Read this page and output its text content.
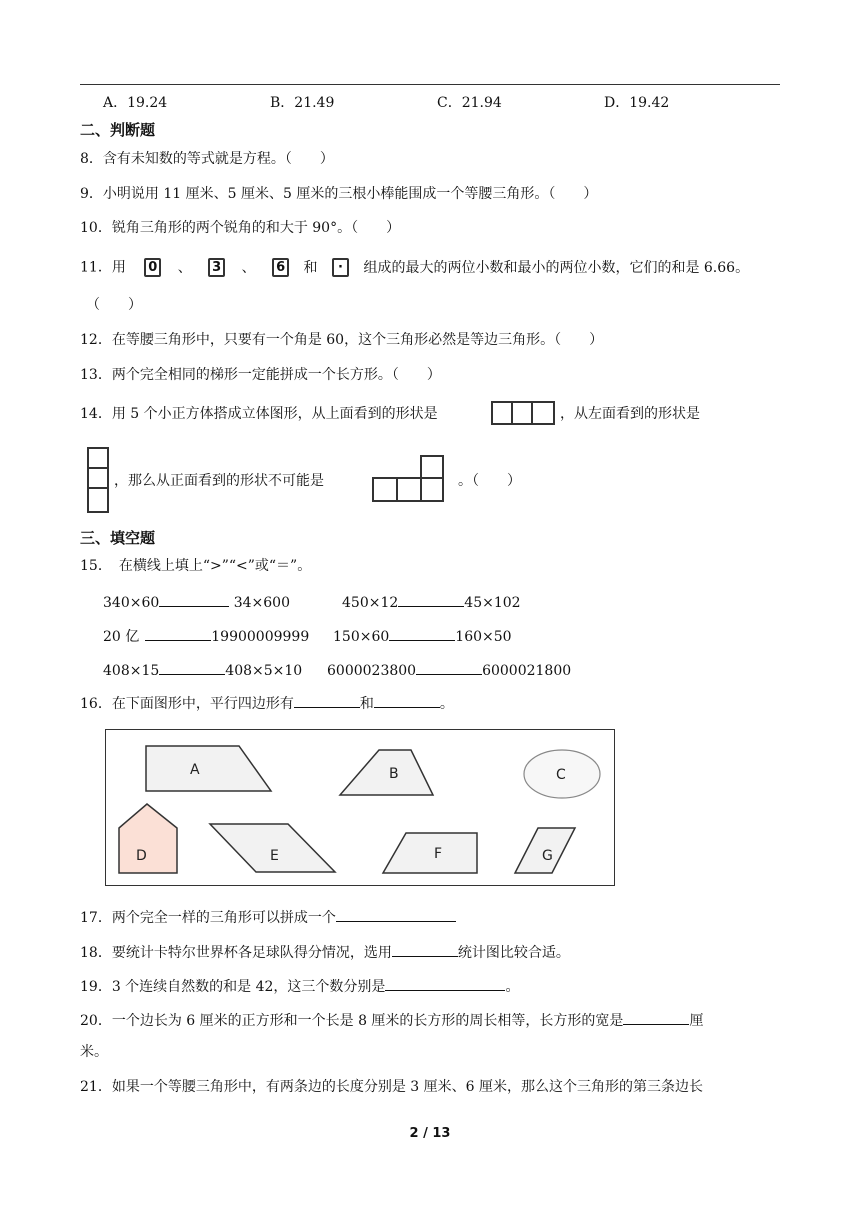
A．19.24	B．21.49	C．21.94	D．19.42
二、判断题
8．含有未知数的等式就是方程。（　　）
9．小明说用 11 厘米、5 厘米、5 厘米的三根小棒能围成一个等腰三角形。（　　）
10．锐角三角形的两个锐角的和大于 90°。（　　）
11．用 0 、 3 、 6 和 · 组成的最大的两位小数和最小的两位小数，它们的和是 6.66。
（　　）
12．在等腰三角形中，只要有一个角是 60，这个三角形必然是等边三角形。（　　）
13．两个完全相同的梯形一定能拼成一个长方形。（　　）
14．用 5 个小正方体搭成立体图形，从上面看到的形状是	，从左面看到的形状是
，那么从正面看到的形状不可能是	。（　　）
三、填空题
15．　在横线上填上“>”“<”或“＝”。
340×60	34×600	450×12	45×102
20 亿	19900009999 150×60	160×50
408×15	408×5×10 6000023800	6000021800
16．在下面图形中，平行四边形有	和	。
A	B	C
D	E	F	G
17．两个完全一样的三角形可以拼成一个
18．要统计卡特尔世界杯各足球队得分情况，选用	统计图比较合适。
19．3 个连续自然数的和是 42，这三个数分别是	。
20．一个边长为 6 厘米的正方形和一个长是 8 厘米的长方形的周长相等，长方形的宽是	厘
米。
21．如果一个等腰三角形中，有两条边的长度分别是 3 厘米、6 厘米，那么这个三角形的第三条边长
2 / 13
